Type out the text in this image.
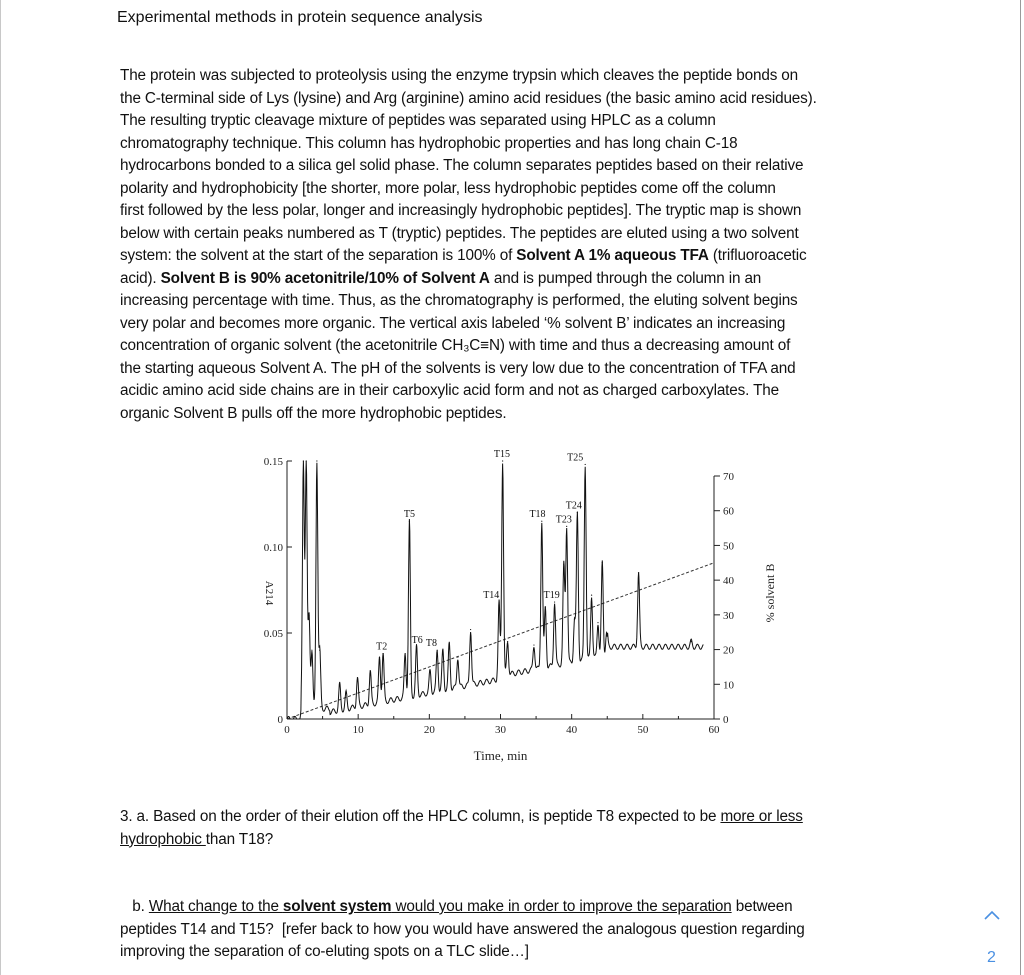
Experimental methods in protein sequence analysis
The protein was subjected to proteolysis using the enzyme trypsin which cleaves the peptide bonds on
the C-terminal side of Lys (lysine) and Arg (arginine) amino acid residues (the basic amino acid residues).
The resulting tryptic cleavage mixture of peptides was separated using HPLC as a column
chromatography technique. This column has hydrophobic properties and has long chain C-18
hydrocarbons bonded to a silica gel solid phase. The column separates peptides based on their relative
polarity and hydrophobicity [the shorter, more polar, less hydrophobic peptides come off the column
first followed by the less polar, longer and increasingly hydrophobic peptides]. The tryptic map is shown
below with certain peaks numbered as T (tryptic) peptides. The peptides are eluted using a two solvent
system: the solvent at the start of the separation is 100% of Solvent A 1% aqueous TFA (trifluoroacetic
acid). Solvent B is 90% acetonitrile/10% of Solvent A and is pumped through the column in an
increasing percentage with time. Thus, as the chromatography is performed, the eluting solvent begins
very polar and becomes more organic. The vertical axis labeled ‘% solvent B’ indicates an increasing
concentration of organic solvent (the acetonitrile CH₃C≡N) with time and thus a decreasing amount of
the starting aqueous Solvent A. The pH of the solvents is very low due to the concentration of TFA and
acidic amino acid side chains are in their carboxylic acid form and not as charged carboxylates. The
organic Solvent B pulls off the more hydrophobic peptides.
0	10	20	30	40	50	60
0
0.05
0.10
0.15
0
10
20
30
40
50
60
70
Time, min
A214	% solvent B
T2
T5
T6 T8
T14
T15
T18
T19
T23
T24
T25
3. a. Based on the order of their elution off the HPLC column, is peptide T8 expected to be more or less
hydrophobic than T18?
b. What change to the solvent system would you make in order to improve the separation between
peptides T14 and T15?  [refer back to how you would have answered the analogous question regarding
improving the separation of co-eluting spots on a TLC slide…]	2
